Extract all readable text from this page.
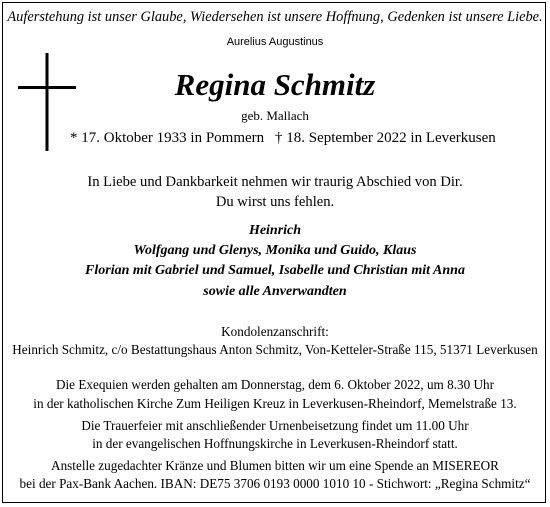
Auferstehung ist unser Glaube, Wiedersehen ist unsere Hoffnung, Gedenken ist unsere Liebe.
Aurelius Augustinus
Regina Schmitz
geb. Mallach
* 17. Oktober 1933 in Pommern † 18. September 2022 in Leverkusen
In Liebe und Dankbarkeit nehmen wir traurig Abschied von Dir.
Du wirst uns fehlen.
Heinrich
Wolfgang und Glenys, Monika und Guido, Klaus
Florian mit Gabriel und Samuel, Isabelle und Christian mit Anna
sowie alle Anverwandten
Kondolenzanschrift:
Heinrich Schmitz, c/o Bestattungshaus Anton Schmitz, Von-Ketteler-Straße 115, 51371 Leverkusen
Die Exequien werden gehalten am Donnerstag, dem 6. Oktober 2022, um 8.30 Uhr
in der katholischen Kirche Zum Heiligen Kreuz in Leverkusen-Rheindorf, Memelstraße 13.
Die Trauerfeier mit anschließender Urnenbeisetzung findet um 11.00 Uhr
in der evangelischen Hoffnungskirche in Leverkusen-Rheindorf statt.
Anstelle zugedachter Kränze und Blumen bitten wir um eine Spende an MISEREOR
bei der Pax-Bank Aachen. IBAN: DE75 3706 0193 0000 1010 10 - Stichwort: „Regina Schmitz“
